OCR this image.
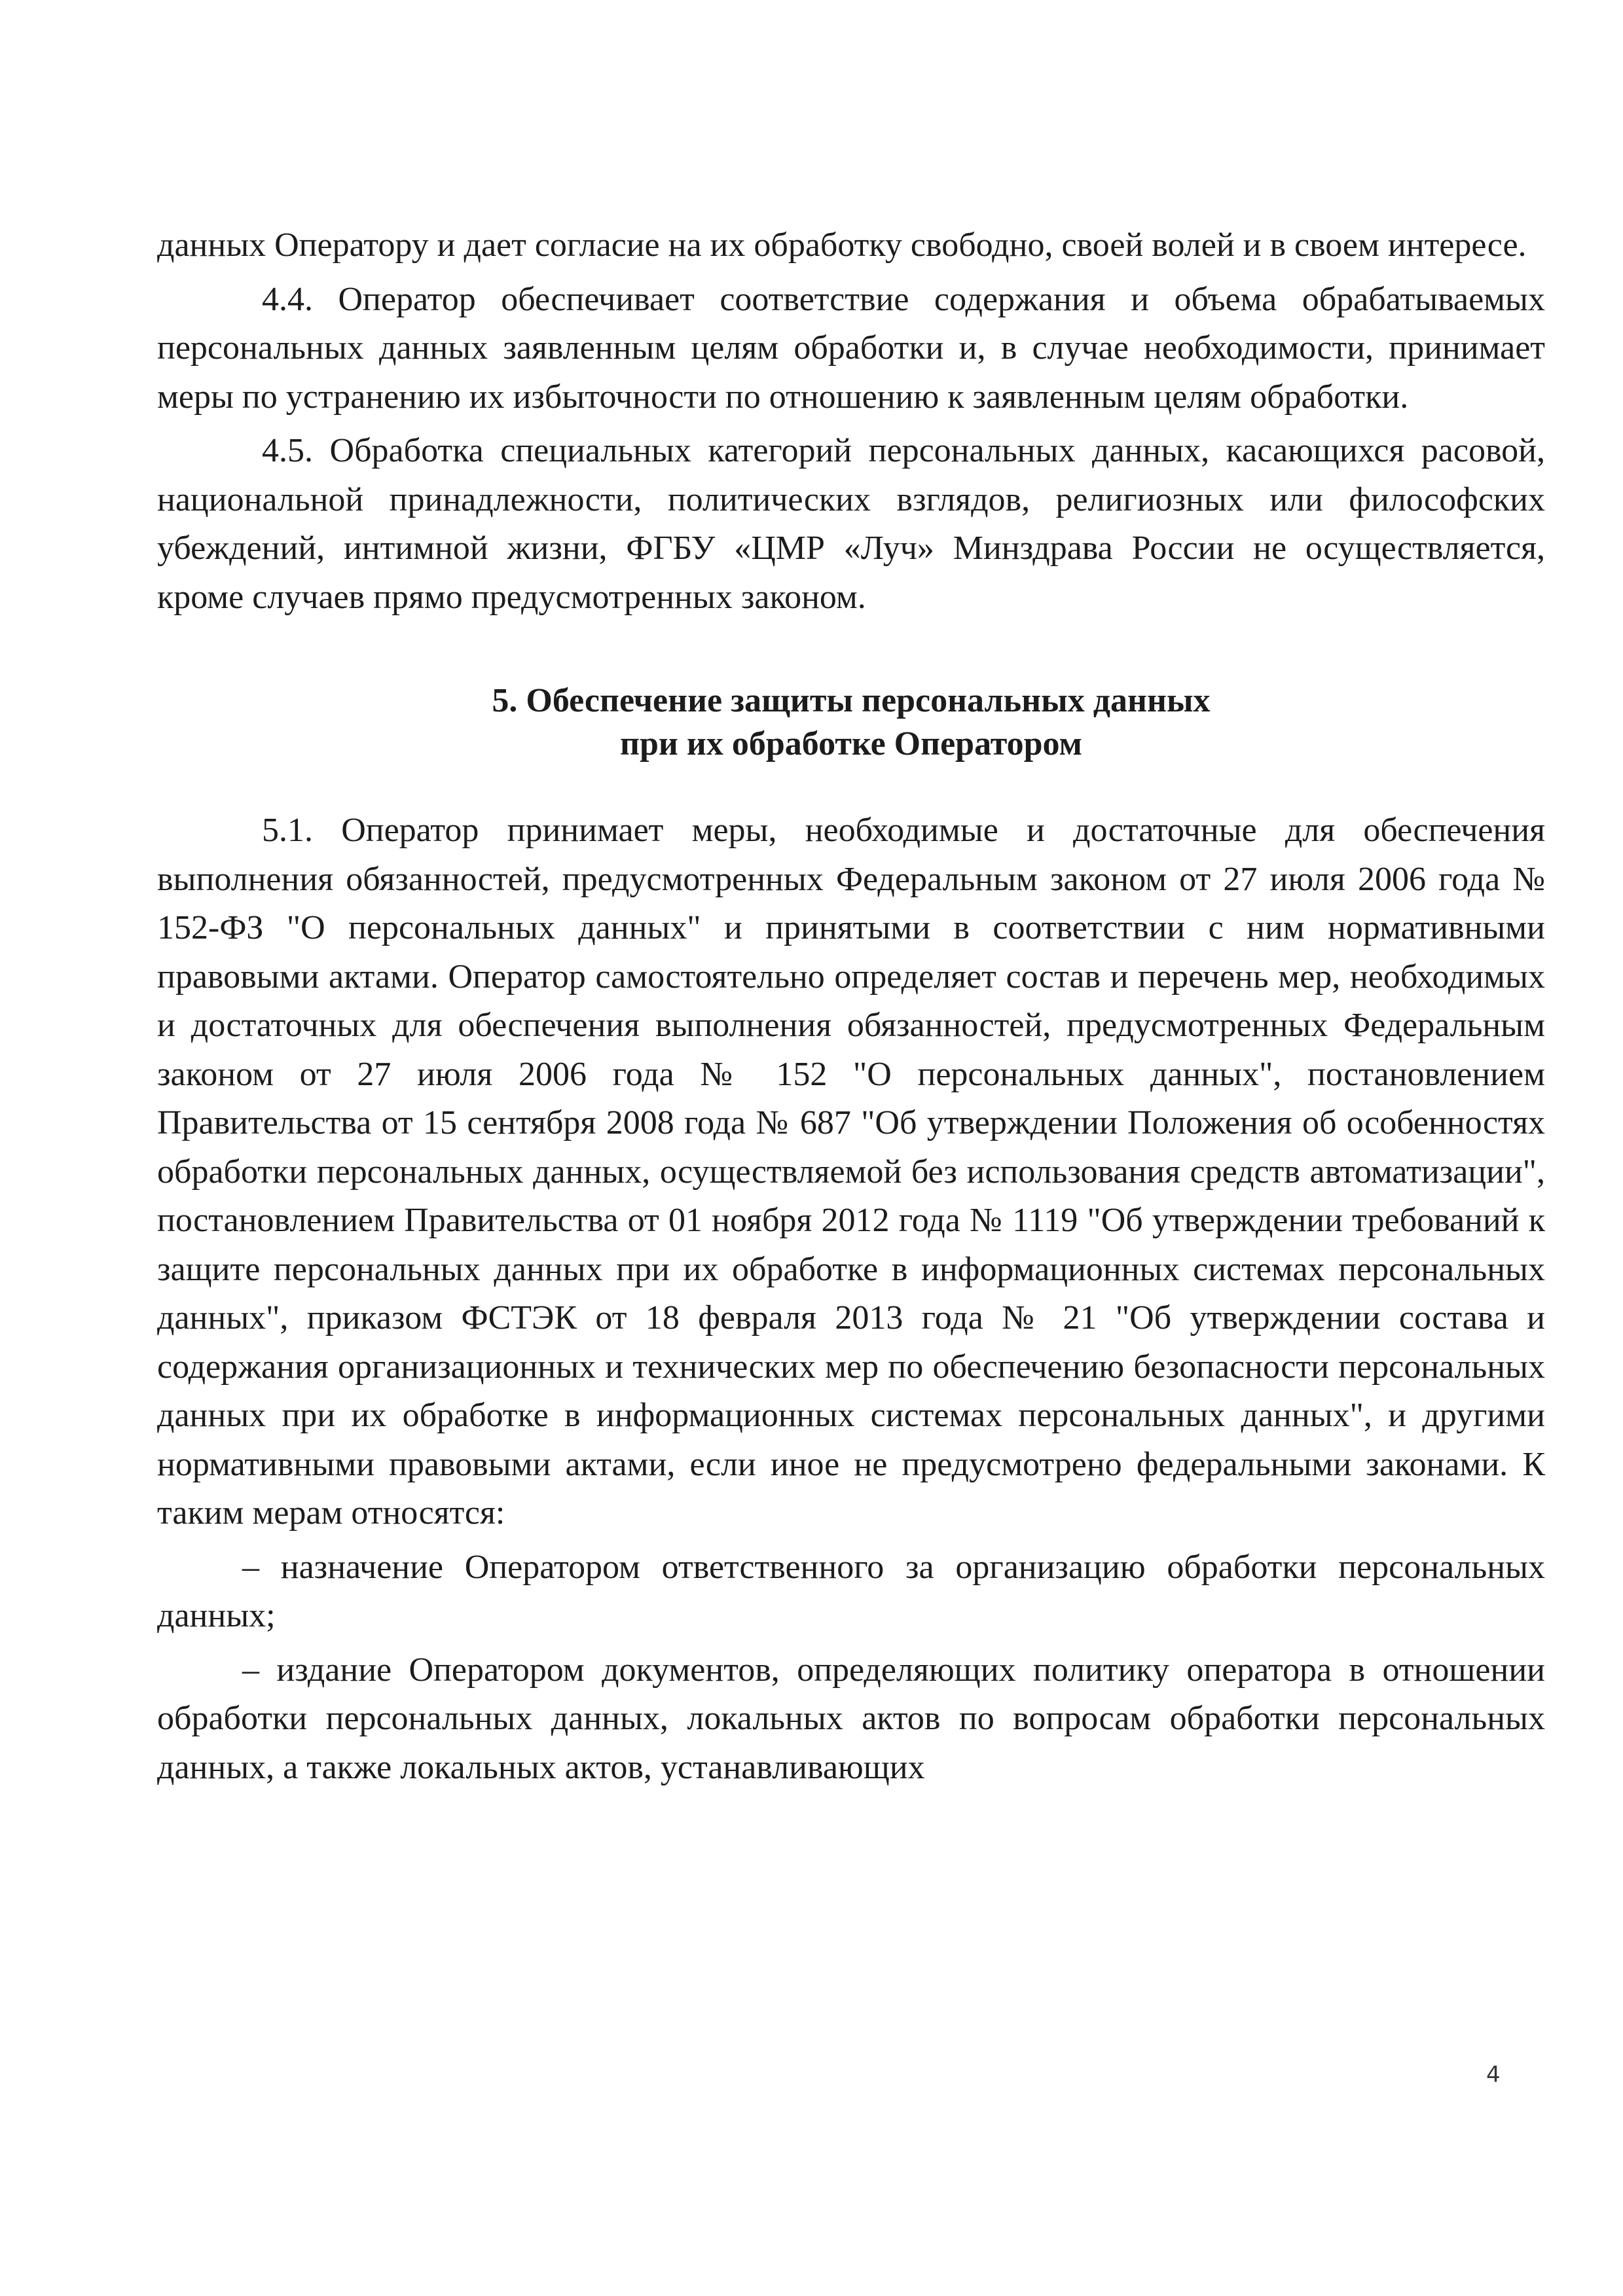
данных Оператору и дает согласие на их обработку свободно, своей волей и в своем интересе.

4.4. Оператор обеспечивает соответствие содержания и объема обрабатываемых персональных данных заявленным целям обработки и, в случае необходимости, принимает меры по устранению их избыточности по отношению к заявленным целям обработки.

4.5. Обработка специальных категорий персональных данных, касающихся расовой, национальной принадлежности, политических взглядов, религиозных или философских убеждений, интимной жизни, ФГБУ «ЦМР «Луч» Минздрава России не осуществляется, кроме случаев прямо предусмотренных законом.

5. Обеспечение защиты персональных данных
при их обработке Оператором

5.1. Оператор принимает меры, необходимые и достаточные для обеспечения выполнения обязанностей, предусмотренных Федеральным законом от 27 июля 2006 года № 152-ФЗ "О персональных данных" и принятыми в соответствии с ним нормативными правовыми актами. Оператор самостоятельно определяет состав и перечень мер, необходимых и достаточных для обеспечения выполнения обязанностей, предусмотренных Федеральным законом от 27 июля 2006 года № 152 "О персональных данных", постановлением Правительства от 15 сентября 2008 года № 687 "Об утверждении Положения об особенностях обработки персональных данных, осуществляемой без использования средств автоматизации", постановлением Правительства от 01 ноября 2012 года № 1119 "Об утверждении требований к защите персональных данных при их обработке в информационных системах персональных данных", приказом ФСТЭК от 18 февраля 2013 года № 21 "Об утверждении состава и содержания организационных и технических мер по обеспечению безопасности персональных данных при их обработке в информационных системах персональных данных", и другими нормативными правовыми актами, если иное не предусмотрено федеральными законами. К таким мерам относятся:

– назначение Оператором ответственного за организацию обработки персональных данных;

– издание Оператором документов, определяющих политику оператора в отношении обработки персональных данных, локальных актов по вопросам обработки персональных данных, а также локальных актов, устанавливающих

4
